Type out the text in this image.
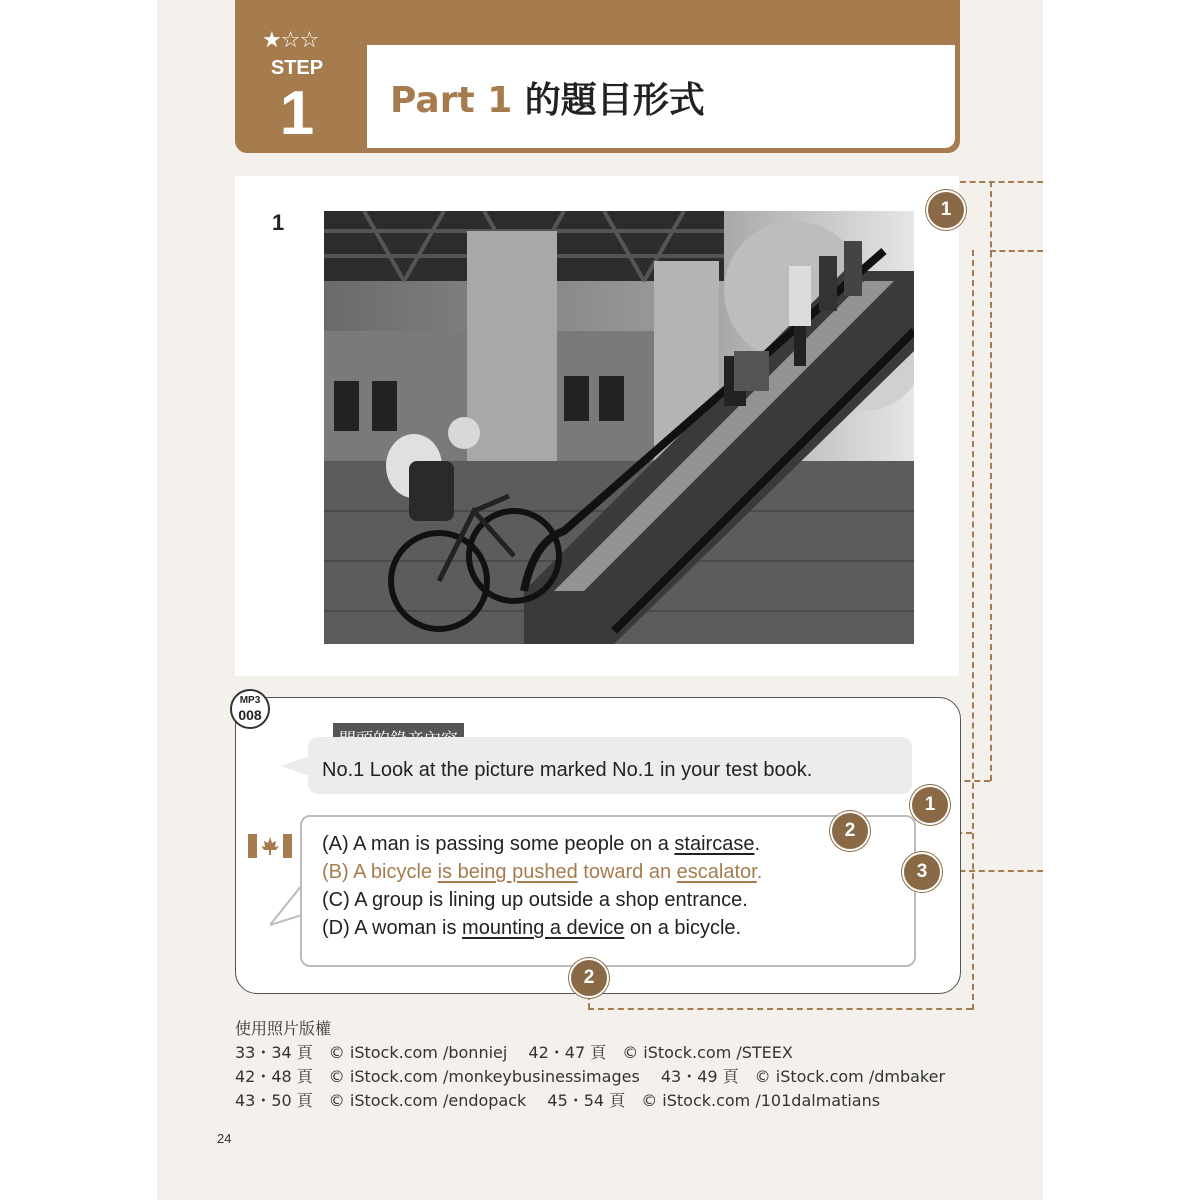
★☆☆
STEP
1	Part 1 的題目形式
1
1
MP3
008
No.1 Look at the picture marked No.1 in your test book.
1
(A) A man is passing some people on a staircase.
(B) A bicycle is being pushed toward an escalator.
(C) A group is lining up outside a shop entrance.
(D) A woman is mounting a device on a bicycle.
2
3
2
使用照片版權
33・34 頁　© iStock.com /bonniej　 42・47 頁　© iStock.com /STEEX
42・48 頁　© iStock.com /monkeybusinessimages　 43・49 頁　© iStock.com /dmbaker
43・50 頁　© iStock.com /endopack　 45・54 頁　© iStock.com /101dalmatians
24
